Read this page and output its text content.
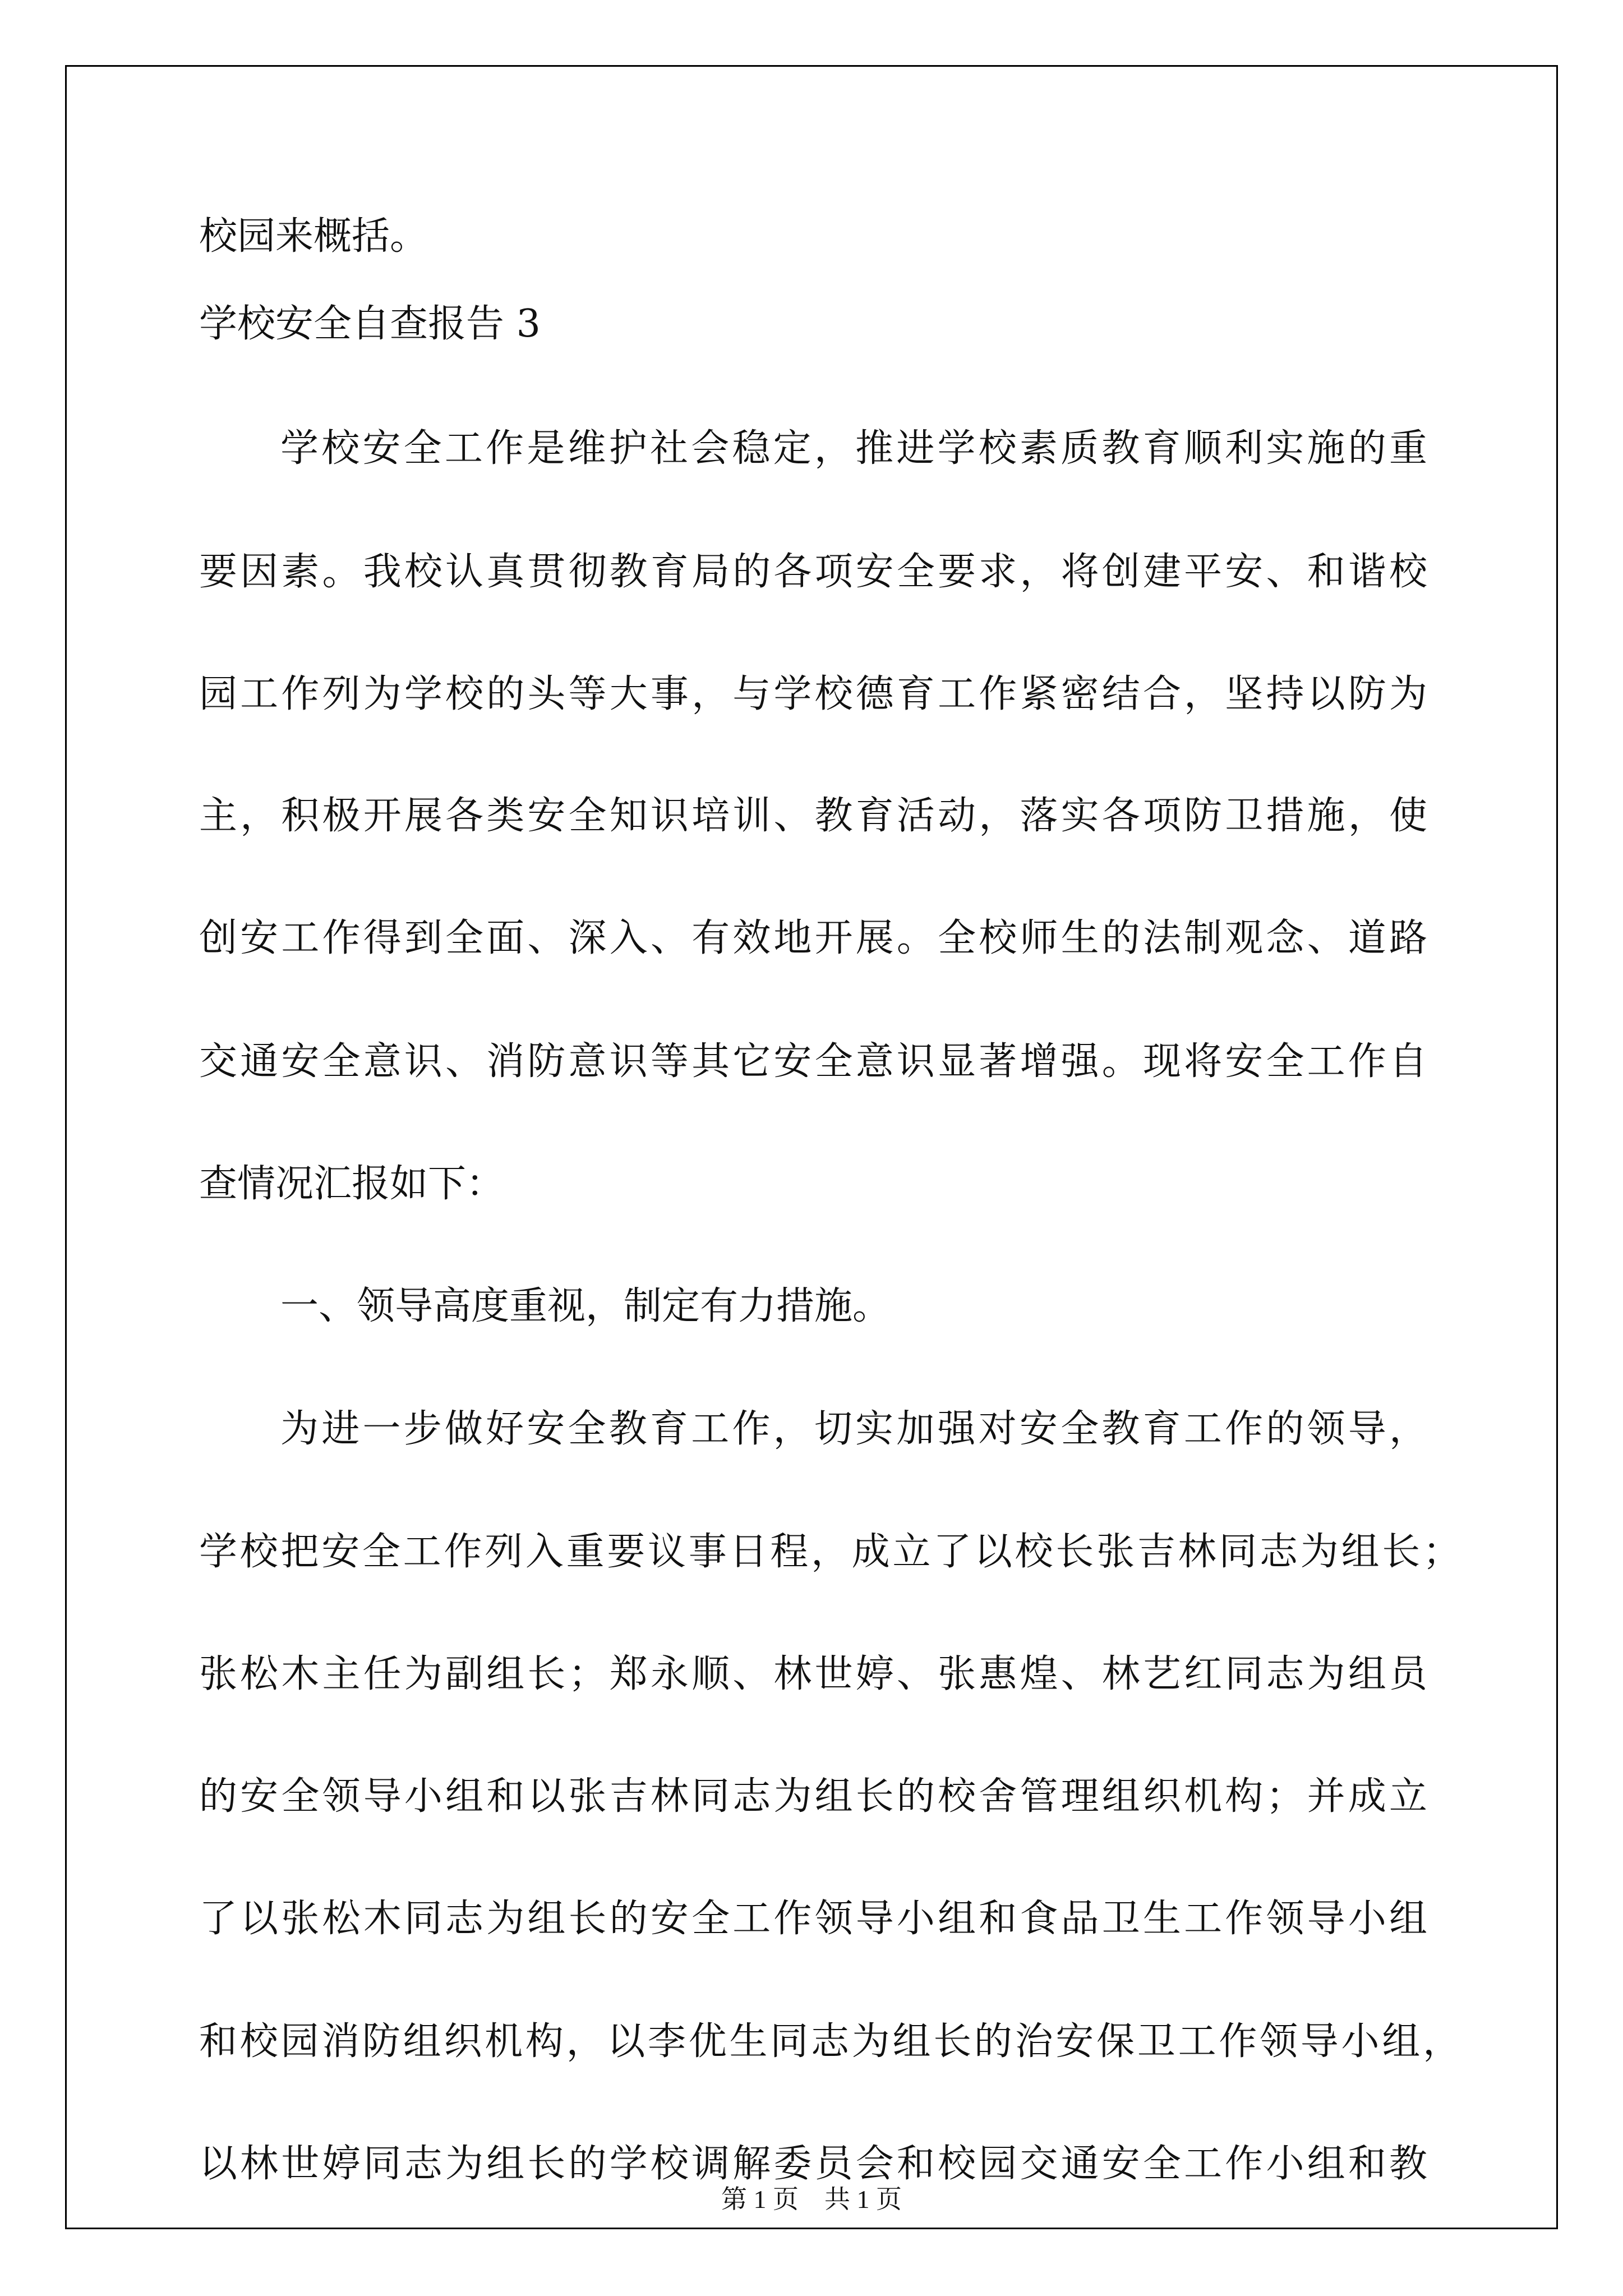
校园来概括。
学校安全自查报告 3
学校安全工作是维护社会稳定，推进学校素质教育顺利实施的重
要因素。我校认真贯彻教育局的各项安全要求，将创建平安、和谐校
园工作列为学校的头等大事，与学校德育工作紧密结合，坚持以防为
主，积极开展各类安全知识培训、教育活动，落实各项防卫措施，使
创安工作得到全面、深入、有效地开展。全校师生的法制观念、道路
交通安全意识、消防意识等其它安全意识显著增强。现将安全工作自
查情况汇报如下：
一、领导高度重视，制定有力措施。
为进一步做好安全教育工作，切实加强对安全教育工作的领导，
学校把安全工作列入重要议事日程，成立了以校长张吉林同志为组长；
张松木主任为副组长；郑永顺、林世婷、张惠煌、林艺红同志为组员
的安全领导小组和以张吉林同志为组长的校舍管理组织机构；并成立
了以张松木同志为组长的安全工作领导小组和食品卫生工作领导小组
和校园消防组织机构，以李优生同志为组长的治安保卫工作领导小组，
以林世婷同志为组长的学校调解委员会和校园交通安全工作小组和教
第 1 页　共 1 页
